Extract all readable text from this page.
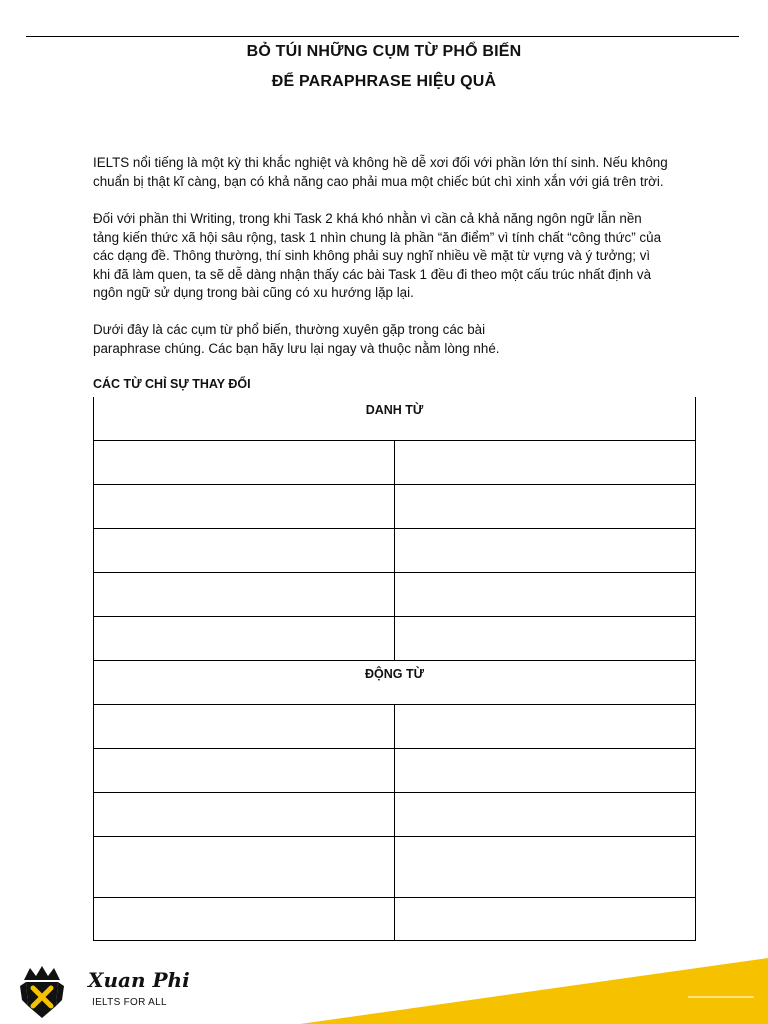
BỎ TÚI NHỮNG CỤM TỪ PHỔ BIẾN
ĐỂ PARAPHRASE HIỆU QUẢ

IELTS nổi tiếng là một kỳ thi khắc nghiệt và không hề dễ xơi đối với phần lớn thí sinh. Nếu không
chuẩn bị thật kĩ càng, bạn có khả năng cao phải mua một chiếc bút chì xinh xắn với giá trên trời.

Đối với phần thi Writing, trong khi Task 2 khá khó nhằn vì cần cả khả năng ngôn ngữ lẫn nền
tảng kiến thức xã hội sâu rộng, task 1 nhìn chung là phần “ăn điểm” vì tính chất “công thức” của
các dạng đề. Thông thường, thí sinh không phải suy nghĩ nhiều về mặt từ vựng và ý tưởng; vì
khi đã làm quen, ta sẽ dễ dàng nhận thấy các bài Task 1 đều đi theo một cấu trúc nhất định và
ngôn ngữ sử dụng trong bài cũng có xu hướng lặp lại.

Dưới đây là các cụm từ phổ biến, thường xuyên gặp trong các bài
paraphrase chúng. Các bạn hãy lưu lại ngay và thuộc nằm lòng nhé.

CÁC TỪ CHỈ SỰ THAY ĐỔI
DANH TỪ	

ĐỘNG TỪ	

Xuan Phi
IELTS FOR ALL
